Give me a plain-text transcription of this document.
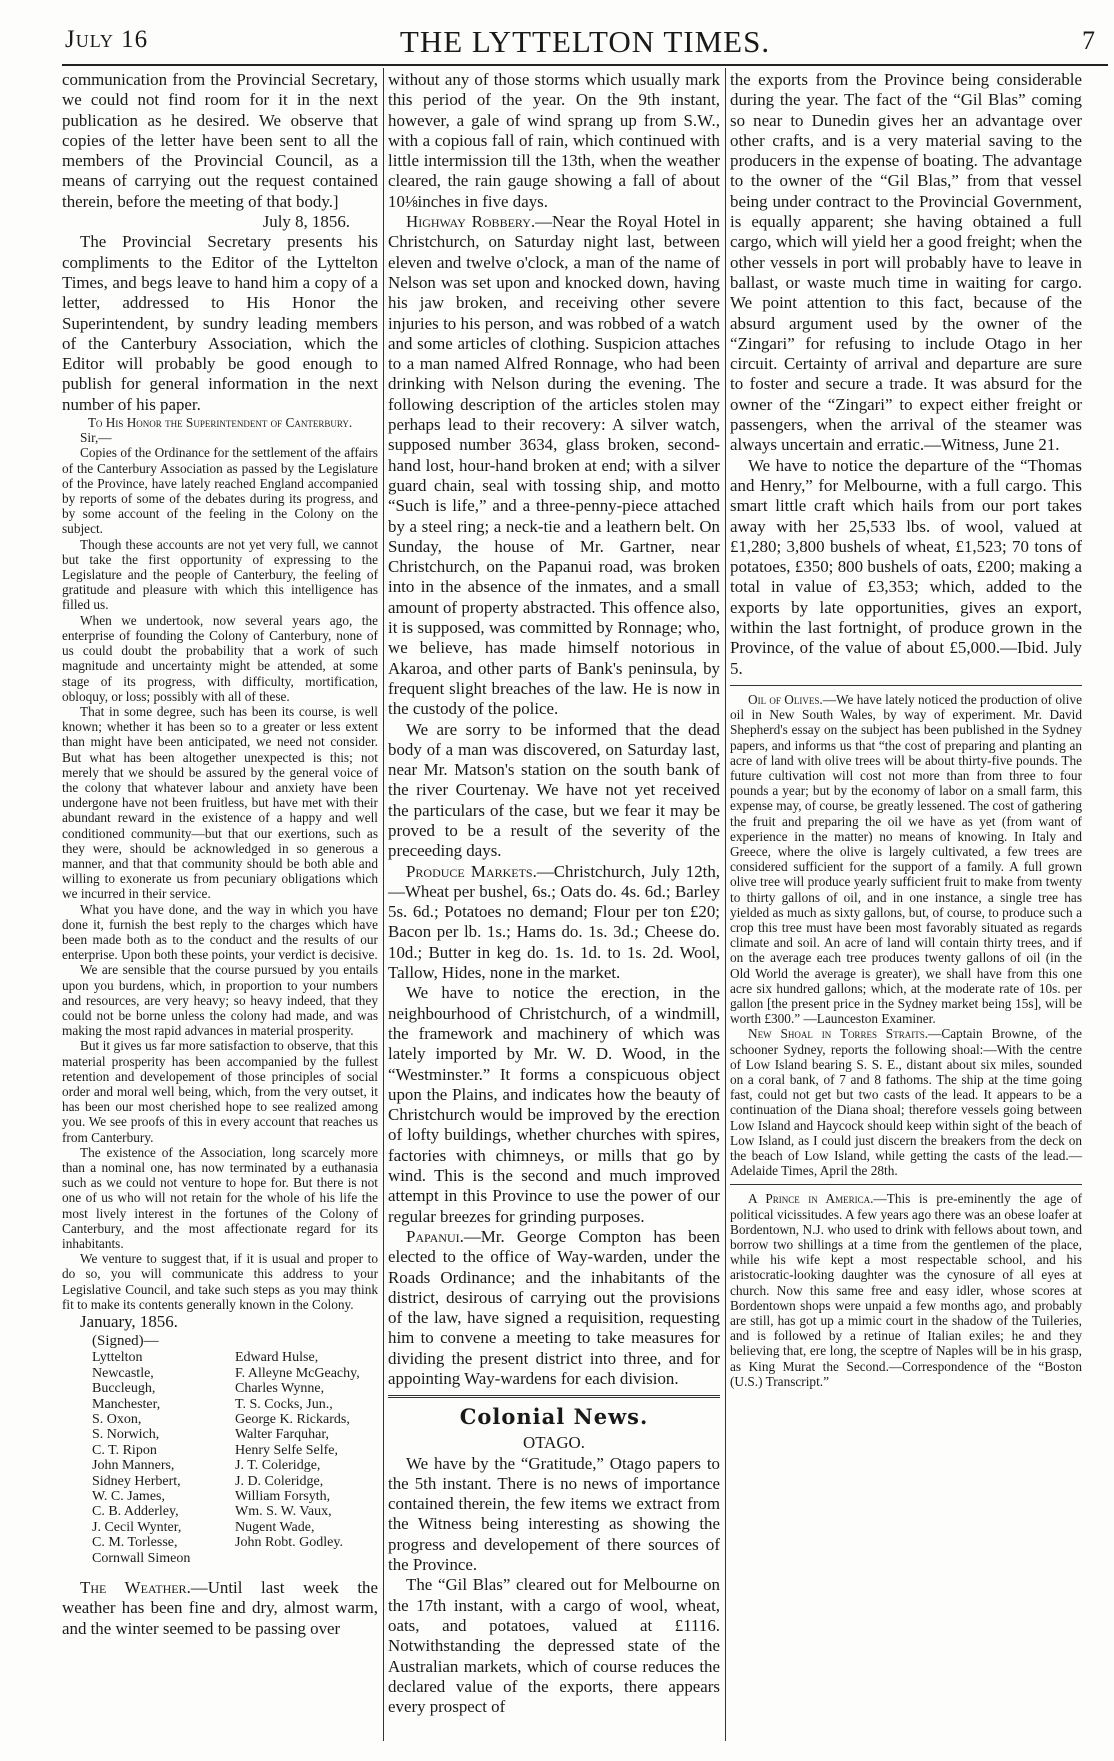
July 16	THE LYTTELTON TIMES.	7

communication from the Provincial Secretary, we could not find room for it in the next publication as he desired. We observe that copies of the letter have been sent to all the members of the Provincial Council, as a means of carrying out the request contained therein, before the meeting of that body.]

July 8, 1856.

The Provincial Secretary presents his compliments to the Editor of the Lyttelton Times, and begs leave to hand him a copy of a letter, addressed to His Honor the Superintendent, by sundry leading members of the Canterbury Association, which the Editor will probably be good enough to publish for general information in the next number of his paper.

To His Honor the Superintendent of Canterbury.

Sir,—

Copies of the Ordinance for the settlement of the affairs of the Canterbury Association as passed by the Legislature of the Province, have lately reached England accompanied by reports of some of the debates during its progress, and by some account of the feeling in the Colony on the subject.

Though these accounts are not yet very full, we cannot but take the first opportunity of expressing to the Legislature and the people of Canterbury, the feeling of gratitude and pleasure with which this intelligence has filled us.

When we undertook, now several years ago, the enterprise of founding the Colony of Canterbury, none of us could doubt the probability that a work of such magnitude and uncertainty might be attended, at some stage of its progress, with difficulty, mortification, obloquy, or loss; possibly with all of these.

That in some degree, such has been its course, is well known; whether it has been so to a greater or less extent than might have been anticipated, we need not consider. But what has been altogether unexpected is this; not merely that we should be assured by the general voice of the colony that whatever labour and anxiety have been undergone have not been fruitless, but have met with their abundant reward in the existence of a happy and well conditioned community—but that our exertions, such as they were, should be acknowledged in so generous a manner, and that that community should be both able and willing to exonerate us from pecuniary obligations which we incurred in their service.

What you have done, and the way in which you have done it, furnish the best reply to the charges which have been made both as to the conduct and the results of our enterprise. Upon both these points, your verdict is decisive.

We are sensible that the course pursued by you entails upon you burdens, which, in proportion to your numbers and resources, are very heavy; so heavy indeed, that they could not be borne unless the colony had made, and was making the most rapid advances in material prosperity.

But it gives us far more satisfaction to observe, that this material prosperity has been accompanied by the fullest retention and developement of those principles of social order and moral well being, which, from the very outset, it has been our most cherished hope to see realized among you. We see proofs of this in every account that reaches us from Canterbury.

The existence of the Association, long scarcely more than a nominal one, has now terminated by a euthanasia such as we could not venture to hope for. But there is not one of us who will not retain for the whole of his life the most lively interest in the fortunes of the Colony of Canterbury, and the most affectionate regard for its inhabitants.

We venture to suggest that, if it is usual and proper to do so, you will communicate this address to your Legislative Council, and take such steps as you may think fit to make its contents generally known in the Colony.

January, 1856.

(Signed)—

Lyttelton
Newcastle,
Buccleugh,
Manchester,
S. Oxon,
S. Norwich,
C. T. Ripon
John Manners,
Sidney Herbert,
W. C. James,
C. B. Adderley,
J. Cecil Wynter,
C. M. Torlesse,
Cornwall Simeon
Edward Hulse,
F. Alleyne McGeachy,
Charles Wynne,
T. S. Cocks, Jun.,
George K. Rickards,
Walter Farquhar,
Henry Selfe Selfe,
J. T. Coleridge,
J. D. Coleridge,
William Forsyth,
Wm. S. W. Vaux,
Nugent Wade,
John Robt. Godley.

The Weather.—Until last week the weather has been fine and dry, almost warm, and the winter seemed to be passing over

without any of those storms which usually mark this period of the year. On the 9th instant, however, a gale of wind sprang up from S.W., with a copious fall of rain, which continued with little intermission till the 13th, when the weather cleared, the rain gauge showing a fall of about 10⅛inches in five days.

Highway Robbery.—Near the Royal Hotel in Christchurch, on Saturday night last, between eleven and twelve o'clock, a man of the name of Nelson was set upon and knocked down, having his jaw broken, and receiving other severe injuries to his person, and was robbed of a watch and some articles of clothing. Suspicion attaches to a man named Alfred Ronnage, who had been drinking with Nelson during the evening. The following description of the articles stolen may perhaps lead to their recovery: A silver watch, supposed number 3634, glass broken, second-hand lost, hour-hand broken at end; with a silver guard chain, seal with tossing ship, and motto “Such is life,” and a three-penny-piece attached by a steel ring; a neck-tie and a leathern belt. On Sunday, the house of Mr. Gartner, near Christchurch, on the Papanui road, was broken into in the absence of the inmates, and a small amount of property abstracted. This offence also, it is supposed, was committed by Ronnage; who, we believe, has made himself notorious in Akaroa, and other parts of Bank's peninsula, by frequent slight breaches of the law. He is now in the custody of the police.

We are sorry to be informed that the dead body of a man was discovered, on Saturday last, near Mr. Matson's station on the south bank of the river Courtenay. We have not yet received the particulars of the case, but we fear it may be proved to be a result of the severity of the preceeding days.

Produce Markets.—Christchurch, July 12th,—Wheat per bushel, 6s.; Oats do. 4s. 6d.; Barley 5s. 6d.; Potatoes no demand; Flour per ton £20; Bacon per lb. 1s.; Hams do. 1s. 3d.; Cheese do. 10d.; Butter in keg do. 1s. 1d. to 1s. 2d. Wool, Tallow, Hides, none in the market.

We have to notice the erection, in the neighbourhood of Christchurch, of a windmill, the framework and machinery of which was lately imported by Mr. W. D. Wood, in the “Westminster.” It forms a conspicuous object upon the Plains, and indicates how the beauty of Christchurch would be improved by the erection of lofty buildings, whether churches with spires, factories with chimneys, or mills that go by wind. This is the second and much improved attempt in this Province to use the power of our regular breezes for grinding purposes.

Papanui.—Mr. George Compton has been elected to the office of Way-warden, under the Roads Ordinance; and the inhabitants of the district, desirous of carrying out the provisions of the law, have signed a requisition, requesting him to convene a meeting to take measures for dividing the present district into three, and for appointing Way-wardens for each division.

Colonial News.

OTAGO.

We have by the “Gratitude,” Otago papers to the 5th instant. There is no news of importance contained therein, the few items we extract from the Witness being interesting as showing the progress and developement of there sources of the Province.

The “Gil Blas” cleared out for Melbourne on the 17th instant, with a cargo of wool, wheat, oats, and potatoes, valued at £1116. Notwithstanding the depressed state of the Australian markets, which of course reduces the declared value of the exports, there appears every prospect of

the exports from the Province being considerable during the year. The fact of the “Gil Blas” coming so near to Dunedin gives her an advantage over other crafts, and is a very material saving to the producers in the expense of boating. The advantage to the owner of the “Gil Blas,” from that vessel being under contract to the Provincial Government, is equally apparent; she having obtained a full cargo, which will yield her a good freight; when the other vessels in port will probably have to leave in ballast, or waste much time in waiting for cargo. We point attention to this fact, because of the absurd argument used by the owner of the “Zingari” for refusing to include Otago in her circuit. Certainty of arrival and departure are sure to foster and secure a trade. It was absurd for the owner of the “Zingari” to expect either freight or passengers, when the arrival of the steamer was always uncertain and erratic.—Witness, June 21.

We have to notice the departure of the “Thomas and Henry,” for Melbourne, with a full cargo. This smart little craft which hails from our port takes away with her 25,533 lbs. of wool, valued at £1,280; 3,800 bushels of wheat, £1,523; 70 tons of potatoes, £350; 800 bushels of oats, £200; making a total in value of £3,353; which, added to the exports by late opportunities, gives an export, within the last fortnight, of produce grown in the Province, of the value of about £5,000.—Ibid. July 5.

Oil of Olives.—We have lately noticed the production of olive oil in New South Wales, by way of experiment. Mr. David Shepherd's essay on the subject has been published in the Sydney papers, and informs us that “the cost of preparing and planting an acre of land with olive trees will be about thirty-five pounds. The future cultivation will cost not more than from three to four pounds a year; but by the economy of labor on a small farm, this expense may, of course, be greatly lessened. The cost of gathering the fruit and preparing the oil we have as yet (from want of experience in the matter) no means of knowing. In Italy and Greece, where the olive is largely cultivated, a few trees are considered sufficient for the support of a family. A full grown olive tree will produce yearly sufficient fruit to make from twenty to thirty gallons of oil, and in one instance, a single tree has yielded as much as sixty gallons, but, of course, to produce such a crop this tree must have been most favorably situated as regards climate and soil. An acre of land will contain thirty trees, and if on the average each tree produces twenty gallons of oil (in the Old World the average is greater), we shall have from this one acre six hundred gallons; which, at the moderate rate of 10s. per gallon [the present price in the Sydney market being 15s], will be worth £300.” —Launceston Examiner.

New Shoal in Torres Straits.—Captain Browne, of the schooner Sydney, reports the following shoal:—With the centre of Low Island bearing S. S. E., distant about six miles, sounded on a coral bank, of 7 and 8 fathoms. The ship at the time going fast, could not get but two casts of the lead. It appears to be a continuation of the Diana shoal; therefore vessels going between Low Island and Haycock should keep within sight of the beach of Low Island, as I could just discern the breakers from the deck on the beach of Low Island, while getting the casts of the lead.—Adelaide Times, April the 28th.

A Prince in America.—This is pre-eminently the age of political vicissitudes. A few years ago there was an obese loafer at Bordentown, N.J. who used to drink with fellows about town, and borrow two shillings at a time from the gentlemen of the place, while his wife kept a most respectable school, and his aristocratic-looking daughter was the cynosure of all eyes at church. Now this same free and easy idler, whose scores at Bordentown shops were unpaid a few months ago, and probably are still, has got up a mimic court in the shadow of the Tuileries, and is followed by a retinue of Italian exiles; he and they believing that, ere long, the sceptre of Naples will be in his grasp, as King Murat the Second.—Correspondence of the “Boston (U.S.) Transcript.”
